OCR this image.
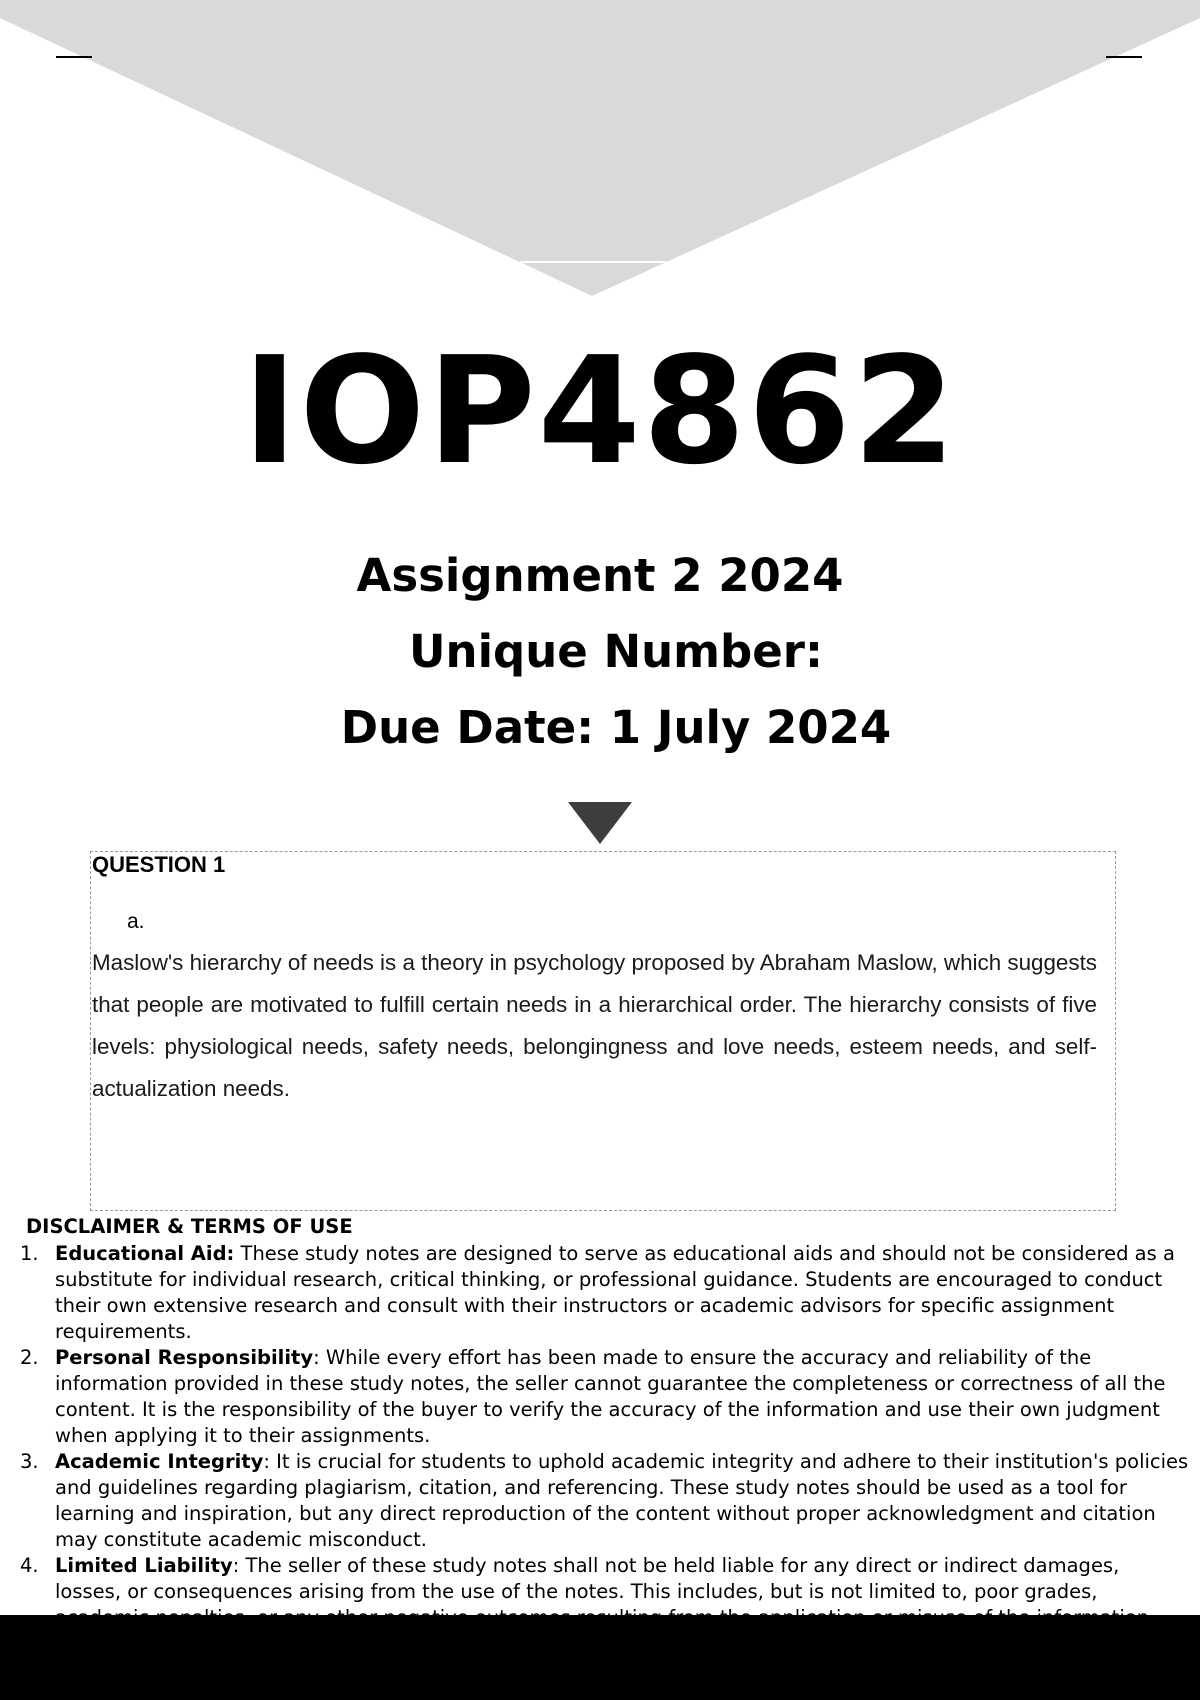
IOP4862
Assignment 2 2024
Unique Number:
Due Date: 1 July 2024
QUESTION 1
a.

Maslow's hierarchy of needs is a theory in psychology proposed by Abraham Maslow, which suggests that people are motivated to fulfill certain needs in a hierarchical order. The hierarchy consists of five levels: physiological needs, safety needs, belongingness and love needs, esteem needs, and self-actualization needs.

DISCLAIMER & TERMS OF USE
1. Educational Aid: These study notes are designed to serve as educational aids and should not be considered as a substitute for individual research, critical thinking, or professional guidance. Students are encouraged to conduct their own extensive research and consult with their instructors or academic advisors for specific assignment requirements.
2. Personal Responsibility: While every effort has been made to ensure the accuracy and reliability of the information provided in these study notes, the seller cannot guarantee the completeness or correctness of all the content. It is the responsibility of the buyer to verify the accuracy of the information and use their own judgment when applying it to their assignments.
3. Academic Integrity: It is crucial for students to uphold academic integrity and adhere to their institution's policies and guidelines regarding plagiarism, citation, and referencing. These study notes should be used as a tool for learning and inspiration, but any direct reproduction of the content without proper acknowledgment and citation may constitute academic misconduct.
4. Limited Liability: The seller of these study notes shall not be held liable for any direct or indirect damages, losses, or consequences arising from the use of the notes. This includes, but is not limited to, poor grades,
